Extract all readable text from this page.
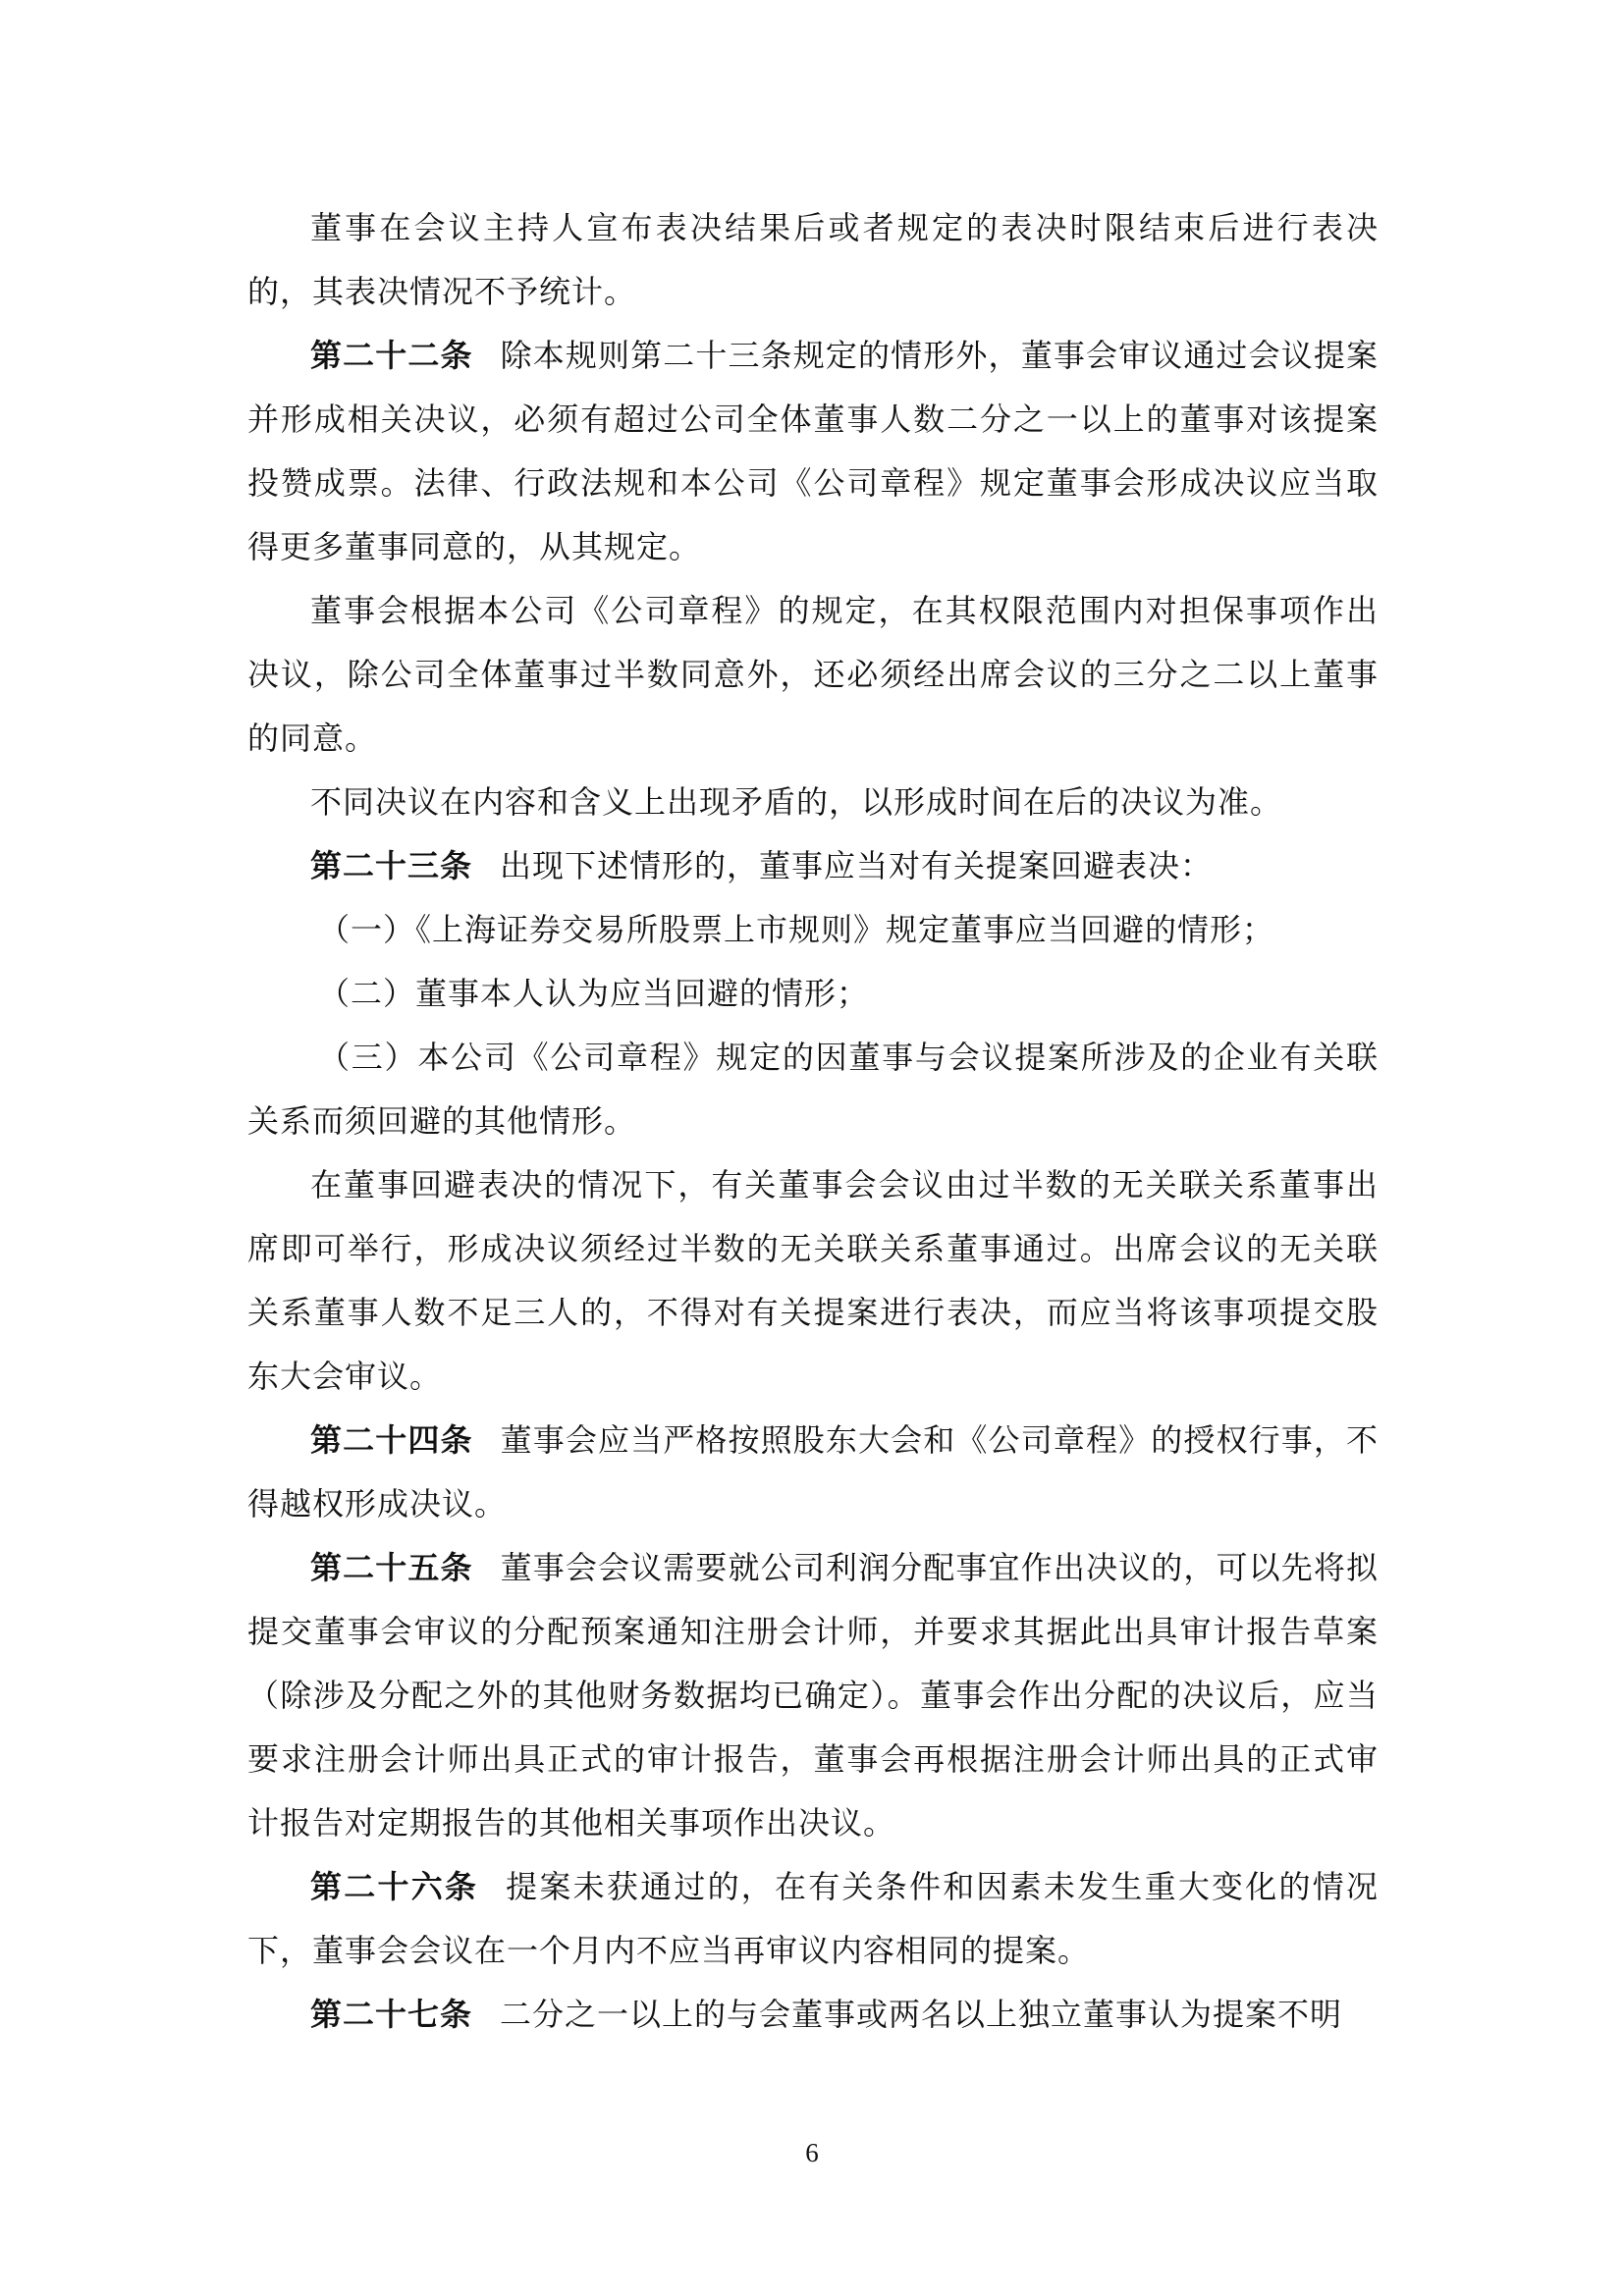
董事在会议主持人宣布表决结果后或者规定的表决时限结束后进行表决的，其表决情况不予统计。

第二十二条 除本规则第二十三条规定的情形外，董事会审议通过会议提案并形成相关决议，必须有超过公司全体董事人数二分之一以上的董事对该提案投赞成票。法律、行政法规和本公司《公司章程》规定董事会形成决议应当取得更多董事同意的，从其规定。

董事会根据本公司《公司章程》的规定，在其权限范围内对担保事项作出决议，除公司全体董事过半数同意外，还必须经出席会议的三分之二以上董事的同意。

不同决议在内容和含义上出现矛盾的，以形成时间在后的决议为准。

第二十三条 出现下述情形的，董事应当对有关提案回避表决：

（一）《上海证券交易所股票上市规则》规定董事应当回避的情形；

（二）董事本人认为应当回避的情形；

（三）本公司《公司章程》规定的因董事与会议提案所涉及的企业有关联关系而须回避的其他情形。

在董事回避表决的情况下，有关董事会会议由过半数的无关联关系董事出席即可举行，形成决议须经过半数的无关联关系董事通过。出席会议的无关联关系董事人数不足三人的，不得对有关提案进行表决，而应当将该事项提交股东大会审议。

第二十四条 董事会应当严格按照股东大会和《公司章程》的授权行事，不得越权形成决议。

第二十五条 董事会会议需要就公司利润分配事宜作出决议的，可以先将拟提交董事会审议的分配预案通知注册会计师，并要求其据此出具审计报告草案（除涉及分配之外的其他财务数据均已确定）。董事会作出分配的决议后，应当要求注册会计师出具正式的审计报告，董事会再根据注册会计师出具的正式审计报告对定期报告的其他相关事项作出决议。

第二十六条 提案未获通过的，在有关条件和因素未发生重大变化的情况下，董事会会议在一个月内不应当再审议内容相同的提案。

第二十七条 二分之一以上的与会董事或两名以上独立董事认为提案不明

6
